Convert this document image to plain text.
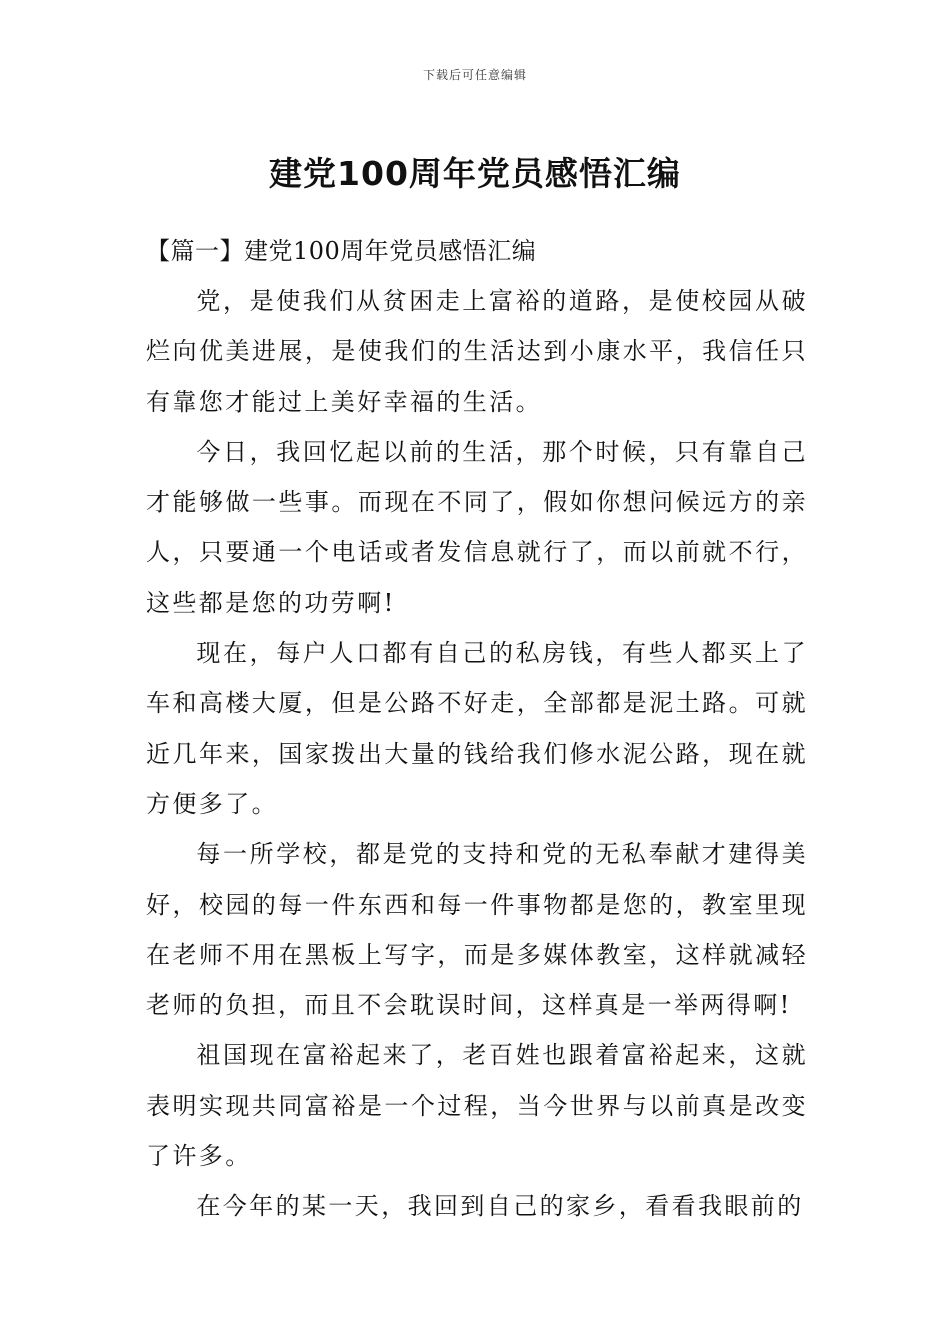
下载后可任意编辑
建党100周年党员感悟汇编

【篇一】建党100周年党员感悟汇编

党，是使我们从贫困走上富裕的道路，是使校园从破烂向优美进展，是使我们的生活达到小康水平，我信任只有靠您才能过上美好幸福的生活。

今日，我回忆起以前的生活，那个时候，只有靠自己才能够做一些事。而现在不同了，假如你想问候远方的亲人，只要通一个电话或者发信息就行了，而以前就不行，这些都是您的功劳啊!

现在，每户人口都有自己的私房钱，有些人都买上了车和高楼大厦，但是公路不好走，全部都是泥土路。可就近几年来，国家拨出大量的钱给我们修水泥公路，现在就方便多了。

每一所学校，都是党的支持和党的无私奉献才建得美好，校园的每一件东西和每一件事物都是您的，教室里现在老师不用在黑板上写字，而是多媒体教室，这样就减轻老师的负担，而且不会耽误时间，这样真是一举两得啊!

祖国现在富裕起来了，老百姓也跟着富裕起来，这就表明实现共同富裕是一个过程，当今世界与以前真是改变了许多。

在今年的某一天，我回到自己的家乡，看看我眼前的
